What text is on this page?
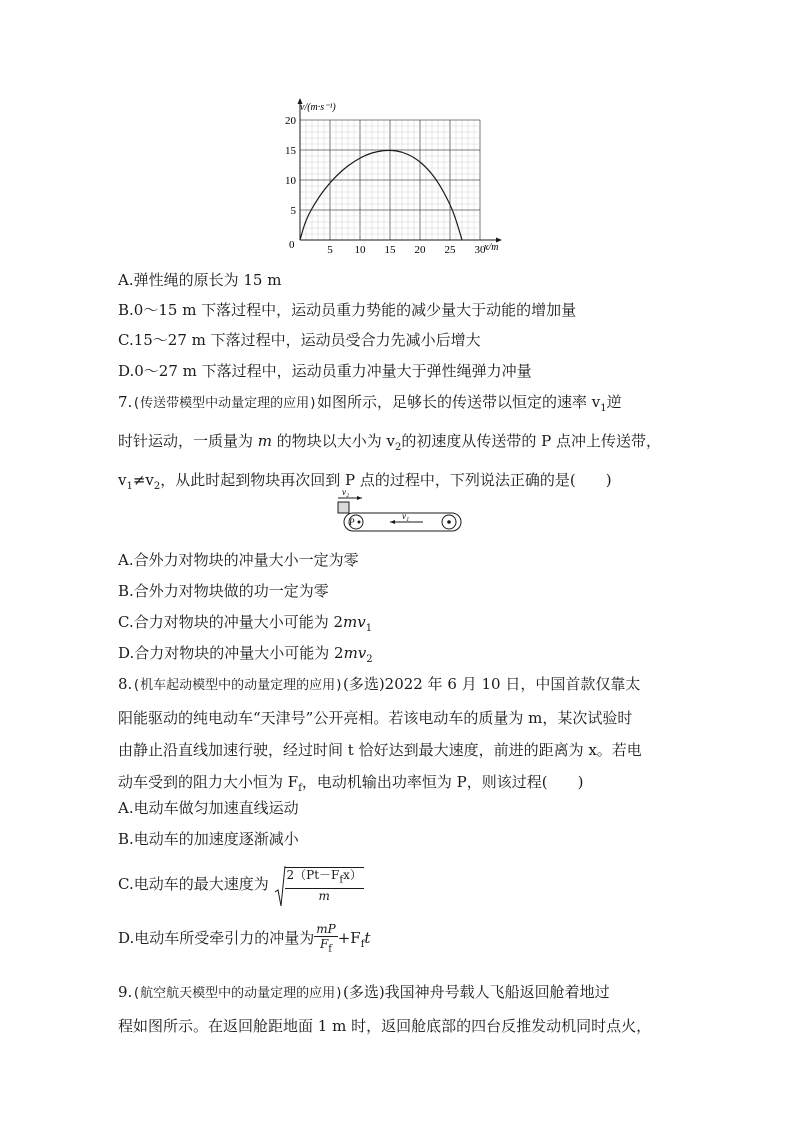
5 10 15 20 25 30
5
10
15
20
v/(m·s⁻¹)
x/m
0
A.弹性绳的原长为 15 m
B.0～15 m 下落过程中，运动员重力势能的减少量大于动能的增加量
C.15～27 m 下落过程中，运动员受合力先减小后增大
D.0～27 m 下落过程中，运动员重力冲量大于弹性绳弹力冲量
7.(传送带模型中动量定理的应用)如图所示，足够长的传送带以恒定的速率 $v_1$逆
时针运动，一质量为 m 的物块以大小为 $v_2$的初速度从传送带的 P 点冲上传送带，
$v_1\ne v_2$，从此时起到物块再次回到 P 点的过程中，下列说法正确的是(　　)
v₂
P
v₁
A.合外力对物块的冲量大小一定为零
B.合外力对物块做的功一定为零
C.合力对物块的冲量大小可能为 $2mv_1$
D.合力对物块的冲量大小可能为 $2mv_2$
8.(机车起动模型中的动量定理的应用)(多选)2022 年 6 月 10 日，中国首款仅靠太
阳能驱动的纯电动车“天津号”公开亮相。若该电动车的质量为 m，某次试验时
由静止沿直线加速行驶，经过时间 t 恰好达到最大速度，前进的距离为 x。若电
动车受到的阻力大小恒为 $F_f$，电动机输出功率恒为 P，则该过程(　　)
A.电动车做匀加速直线运动
B.电动车的加速度逐渐减小
C.电动车的最大速度为 $\frac{2(Pt-F_fx)}{m}$
D.电动车所受牵引力的冲量为 $\frac{mP}{F_f} +F_ft$
9.(航空航天模型中的动量定理的应用)(多选)我国神舟号载人飞船返回舱着地过
程如图所示。在返回舱距地面 1 m 时，返回舱底部的四台反推发动机同时点火，
